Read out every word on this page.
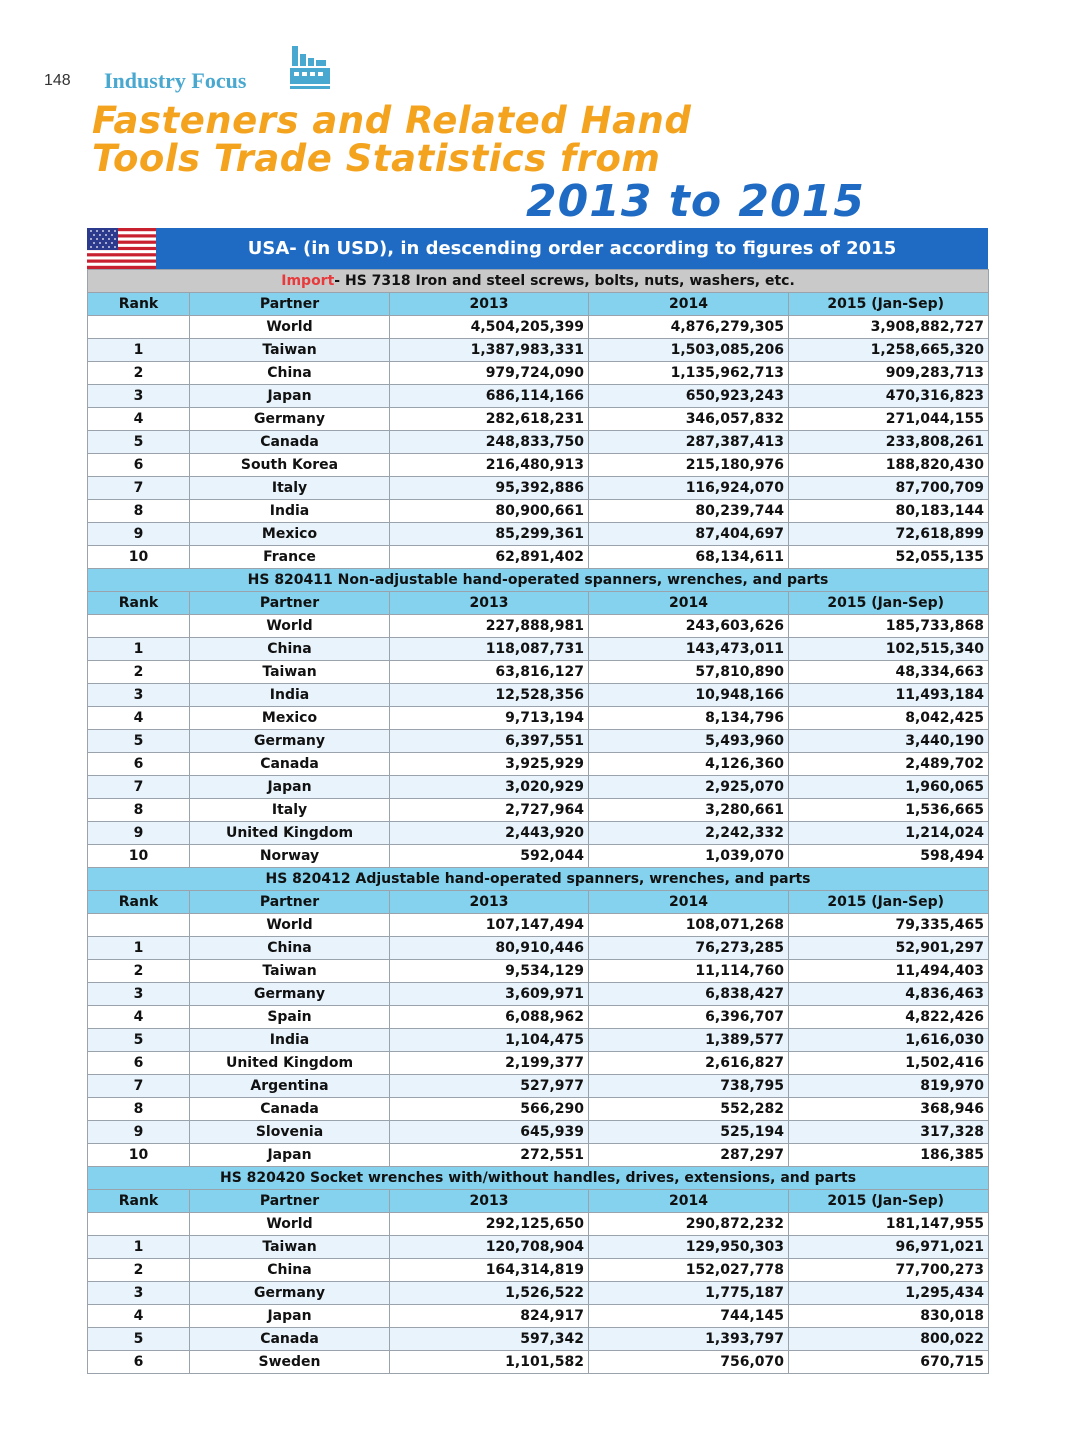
148 Industry Focus
Fasteners and Related Hand
Tools Trade Statistics from
2013 to 2015
USA- (in USD), in descending order according to figures of 2015
Import- HS 7318 Iron and steel screws, bolts, nuts, washers, etc.				
Rank	Partner	2013	2014	2015 (Jan-Sep)
	World	4,504,205,399	4,876,279,305	3,908,882,727
1	Taiwan	1,387,983,331	1,503,085,206	1,258,665,320
2	China	979,724,090	1,135,962,713	909,283,713
3	Japan	686,114,166	650,923,243	470,316,823
4	Germany	282,618,231	346,057,832	271,044,155
5	Canada	248,833,750	287,387,413	233,808,261
6	South Korea	216,480,913	215,180,976	188,820,430
7	Italy	95,392,886	116,924,070	87,700,709
8	India	80,900,661	80,239,744	80,183,144
9	Mexico	85,299,361	87,404,697	72,618,899
10	France	62,891,402	68,134,611	52,055,135
HS 820411 Non-adjustable hand-operated spanners, wrenches, and parts				
Rank	Partner	2013	2014	2015 (Jan-Sep)
	World	227,888,981	243,603,626	185,733,868
1	China	118,087,731	143,473,011	102,515,340
2	Taiwan	63,816,127	57,810,890	48,334,663
3	India	12,528,356	10,948,166	11,493,184
4	Mexico	9,713,194	8,134,796	8,042,425
5	Germany	6,397,551	5,493,960	3,440,190
6	Canada	3,925,929	4,126,360	2,489,702
7	Japan	3,020,929	2,925,070	1,960,065
8	Italy	2,727,964	3,280,661	1,536,665
9	United Kingdom	2,443,920	2,242,332	1,214,024
10	Norway	592,044	1,039,070	598,494
HS 820412 Adjustable hand-operated spanners, wrenches, and parts				
Rank	Partner	2013	2014	2015 (Jan-Sep)
	World	107,147,494	108,071,268	79,335,465
1	China	80,910,446	76,273,285	52,901,297
2	Taiwan	9,534,129	11,114,760	11,494,403
3	Germany	3,609,971	6,838,427	4,836,463
4	Spain	6,088,962	6,396,707	4,822,426
5	India	1,104,475	1,389,577	1,616,030
6	United Kingdom	2,199,377	2,616,827	1,502,416
7	Argentina	527,977	738,795	819,970
8	Canada	566,290	552,282	368,946
9	Slovenia	645,939	525,194	317,328
10	Japan	272,551	287,297	186,385
HS 820420 Socket wrenches with/without handles, drives, extensions, and parts				
Rank	Partner	2013	2014	2015 (Jan-Sep)
	World	292,125,650	290,872,232	181,147,955
1	Taiwan	120,708,904	129,950,303	96,971,021
2	China	164,314,819	152,027,778	77,700,273
3	Germany	1,526,522	1,775,187	1,295,434
4	Japan	824,917	744,145	830,018
5	Canada	597,342	1,393,797	800,022
6	Sweden	1,101,582	756,070	670,715
